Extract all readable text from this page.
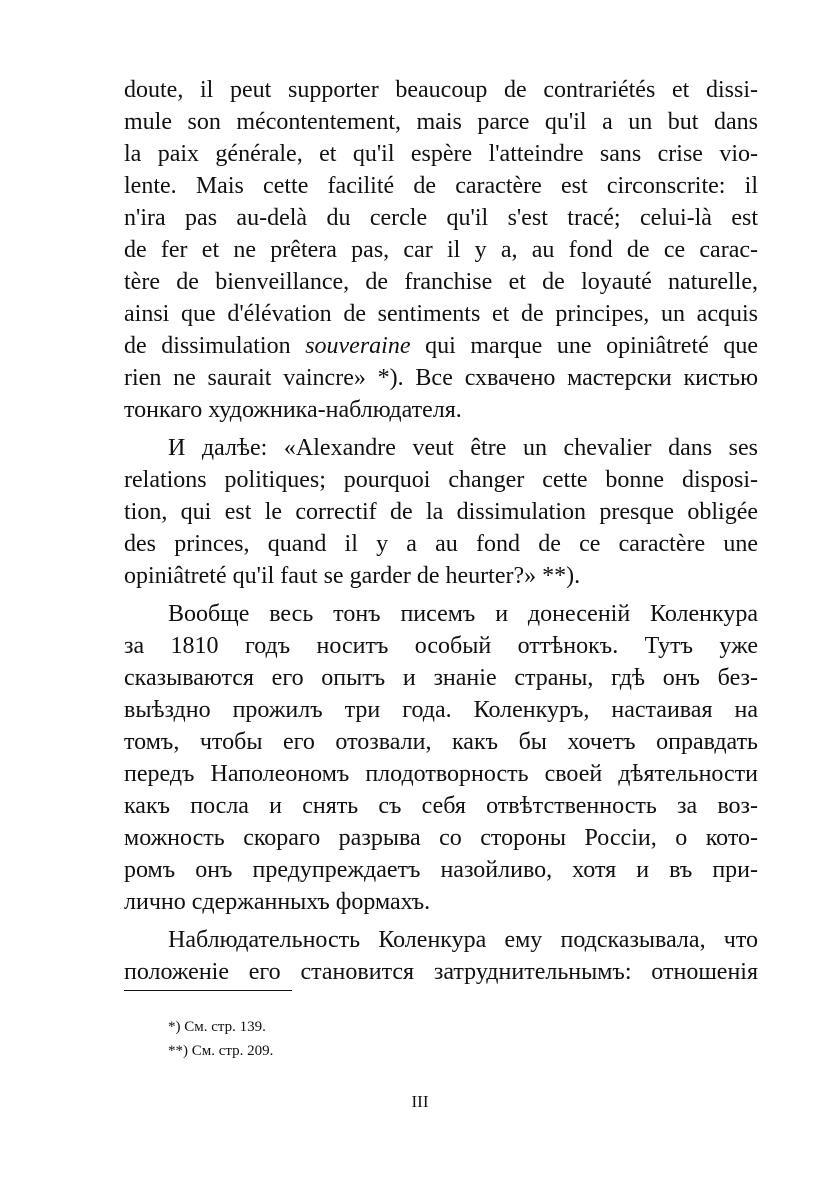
doute, il peut supporter beaucoup de contrariétés et dissi-
mule son mécontentement, mais parce qu'il a un but dans
la paix générale, et qu'il espère l'atteindre sans crise vio-
lente. Mais cette facilité de caractère est circonscrite: il
n'ira pas au-delà du cercle qu'il s'est tracé; celui-là est
de fer et ne prêtera pas, car il y a, au fond de ce carac-
tère de bienveillance, de franchise et de loyauté naturelle,
ainsi que d'élévation de sentiments et de principes, un acquis
de dissimulation souveraine qui marque une opiniâtreté que
rien ne saurait vaincre» *). Все схвачено мастерски кистью
тонкаго художника-наблюдателя.
И далѣе: «Alexandre veut être un chevalier dans ses
relations politiques; pourquoi changer cette bonne disposi-
tion, qui est le correctif de la dissimulation presque obligée
des princes, quand il y a au fond de ce caractère une
opiniâtreté qu'il faut se garder de heurter?» **).
Вообще весь тонъ писемъ и донесеній Коленкура
за 1810 годъ носитъ особый оттѣнокъ. Тутъ уже
сказываются его опытъ и знаніе страны, гдѣ онъ без-
выѣздно прожилъ три года. Коленкуръ, настаивая на
томъ, чтобы его отозвали, какъ бы хочетъ оправдать
передъ Наполеономъ плодотворность своей дѣятельности
какъ посла и снять съ себя отвѣтственность за воз-
можность скораго разрыва со стороны Россіи, о кото-
ромъ онъ предупреждаетъ назойливо, хотя и въ при-
лично сдержанныхъ формахъ.
Наблюдательность Коленкура ему подсказывала, что
*) См. стр. 139.
**) См. стр. 209.
III
положеніе его становится затруднительнымъ: отношенія
